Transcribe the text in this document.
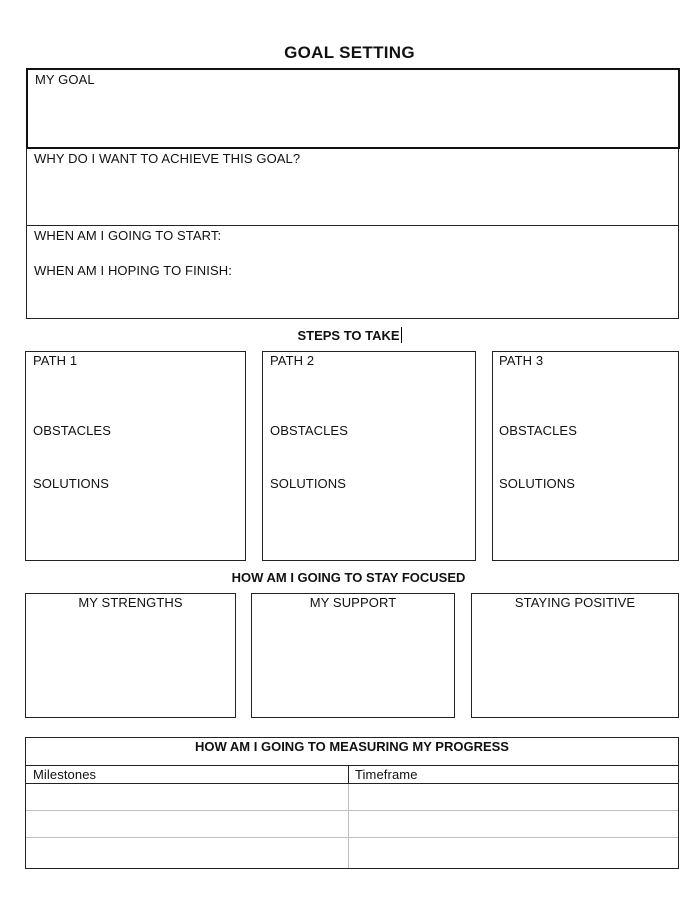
GOAL SETTING
MY GOAL
WHY DO I WANT TO ACHIEVE THIS GOAL?
WHEN AM I GOING TO START:
WHEN AM I HOPING TO FINISH:
STEPS TO TAKE
PATH 1
OBSTACLES
SOLUTIONS
PATH 2
OBSTACLES
SOLUTIONS
PATH 3
OBSTACLES
SOLUTIONS
HOW AM I GOING TO STAY FOCUSED
MY STRENGTHS	MY SUPPORT	STAYING POSITIVE
HOW AM I GOING TO MEASURING MY PROGRESS
Milestones	Timeframe
